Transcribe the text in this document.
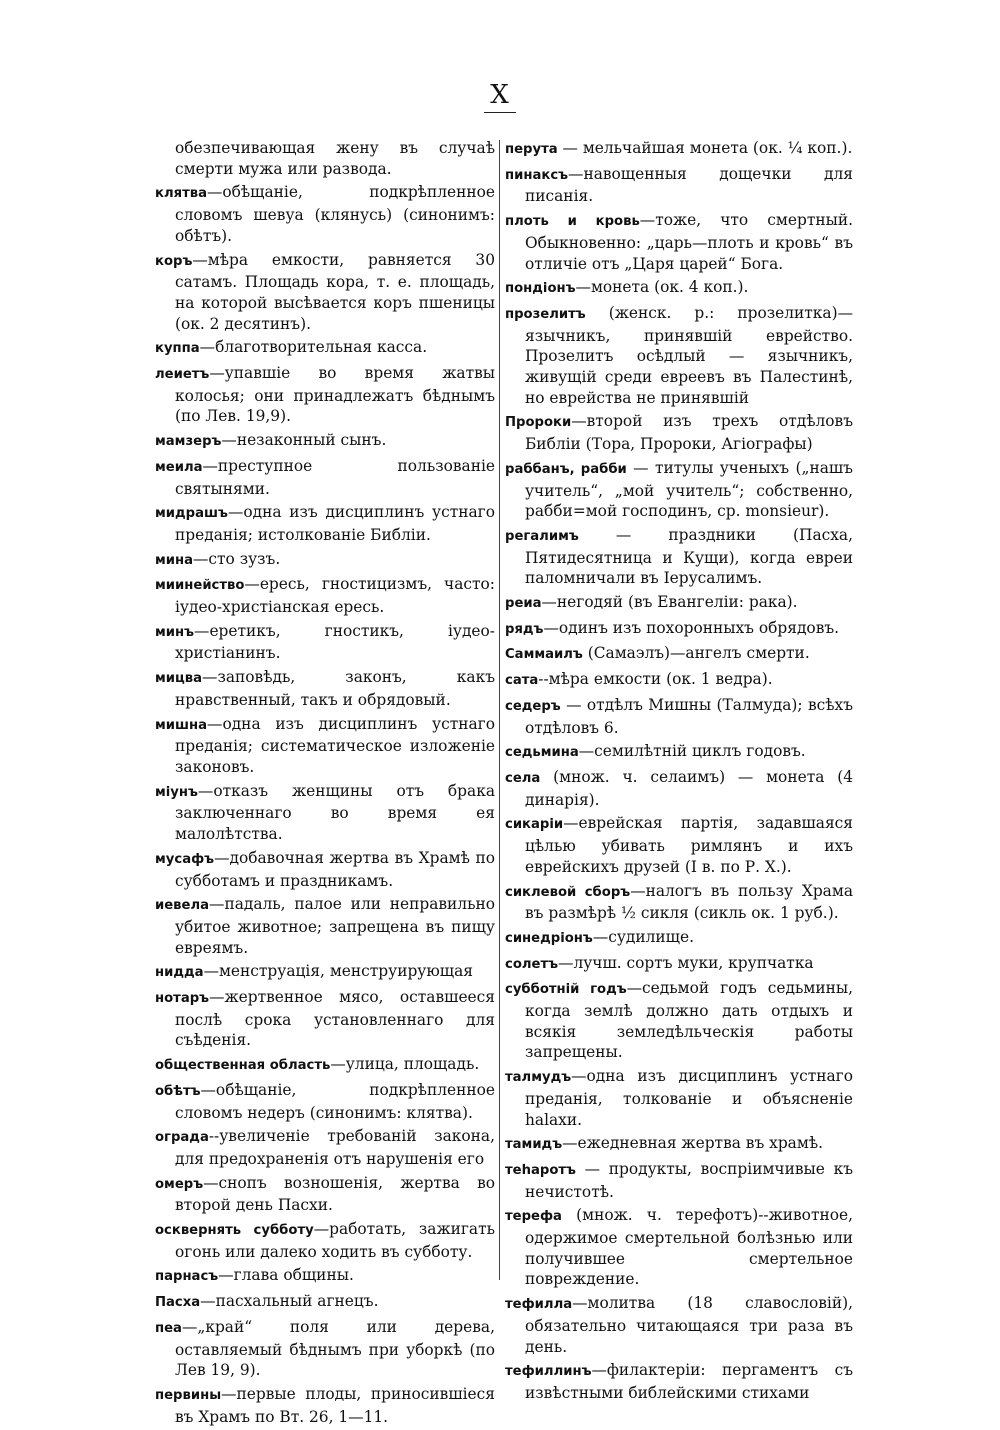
X

обезпечивающая жену въ случаѣ смерти мужа или развода.

клятва—обѣщаніе, подкрѣпленное словомъ шевуа (клянусь) (синонимъ: обѣтъ).

коръ—мѣра емкости, равняется 30 сатамъ. Площадь кора, т. е. площадь, на которой высѣвается коръ пшеницы (ок. 2 десятинъ).

куппа—благотворительная касса.

леиетъ—упавшіе во время жатвы колосья; они принадлежатъ бѣднымъ (по Лев. 19,9).

мамзеръ—незаконный сынъ.

меила—преступное пользованіе святынями.

мидрашъ—одна изъ дисциплинъ устнаго преданія; истолкованіе Библіи.

мина—сто зузъ.

миинейство—ересь, гностицизмъ, часто: іудео-христіанская ересь.

минъ—еретикъ, гностикъ, іудео-христіанинъ.

мицва—заповѣдь, законъ, какъ нравственный, такъ и обрядовый.

мишна—одна изъ дисциплинъ устнаго преданія; систематическое изложеніе законовъ.

міунъ—отказъ женщины отъ брака заключеннаго во время ея малолѣтства.

мусафъ—добавочная жертва въ Храмѣ по субботамъ и праздникамъ.

иевела—падаль, палое или неправильно убитое животное; запрещена въ пищу евреямъ.

нидда—менструація, менструирующая

нотаръ—жертвенное мясо, оставшееся послѣ срока установленнаго для съѣденія.

общественная область—улица, площадь.

обѣтъ—обѣщаніе, подкрѣпленное словомъ недеръ (синонимъ: клятва).

ограда--увеличеніе требованій закона, для предохраненія отъ нарушенія его

омеръ—снопъ возношенія, жертва во второй день Пасхи.

осквернять субботу—работать, зажигать огонь или далеко ходить въ субботу.

парнасъ—глава общины.

Пасха—пасхальный агнецъ.

пеа—„край“ поля или дерева, оставляемый бѣднымъ при уборкѣ (по Лев 19, 9).

первины—первые плоды, приносившіеся въ Храмъ по Вт. 26, 1—11.

перута — мельчайшая монета (ок. ¼ коп.).

пинаксъ—навощенныя дощечки для писанія.

плоть и кровь—тоже, что смертный. Обыкновенно: „царь—плоть и кровь“ въ отличіе отъ „Царя царей“ Бога.

пондіонъ—монета (ок. 4 коп.).

прозелитъ (женск. р.: прозелитка)—язычникъ, принявшій еврейство. Прозелитъ осѣдлый — язычникъ, живущій среди евреевъ въ Палестинѣ, но еврейства не принявшій

Пророки—второй изъ трехъ отдѣловъ Библіи (Тора, Пророки, Агіографы)

раббанъ, рабби — титулы ученыхъ („нашъ учитель“, „мой учитель“; собственно, рабби=мой господинъ, ср. monsieur).

регалимъ — праздники (Пасха, Пятидесятница и Кущи), когда евреи паломничали въ Іерусалимъ.

реиа—негодяй (въ Евангеліи: рака).

рядъ—одинъ изъ похоронныхъ обрядовъ.

Саммаилъ (Самаэлъ)—ангелъ смерти.

сата--мѣра емкости (ок. 1 ведра).

седеръ — отдѣлъ Мишны (Талмуда); всѣхъ отдѣловъ 6.

седьмина—семилѣтній циклъ годовъ.

села (множ. ч. селаимъ) — монета (4 динарія).

сикаріи—еврейская партія, задавшаяся цѣлью убивать римлянъ и ихъ еврейскихъ друзей (I в. по Р. X.).

сиклевой сборъ—налогъ въ пользу Храма въ размѣрѣ ½ сикля (сикль ок. 1 руб.).

синедріонъ—судилище.

солетъ—лучш. сортъ муки, крупчатка

субботній годъ—седьмой годъ седьмины, когда землѣ должно дать отдыхъ и всякія земледѣльческія работы запрещены.

талмудъ—одна изъ дисциплинъ устнаго преданія, толкованіе и объясненіе halaxи.

тамидъ—ежедневная жертва въ храмѣ.

теһаротъ — продукты, воспріимчивые къ нечистотѣ.

терефа (множ. ч. терефотъ)--животное, одержимое смертельной болѣзнью или получившее смертельное повреждение.

тефилла—молитва (18 славословій), обязательно читающаяся три раза въ день.

тефиллинъ—филактеріи: пергаментъ съ извѣстными библейскими стихами
